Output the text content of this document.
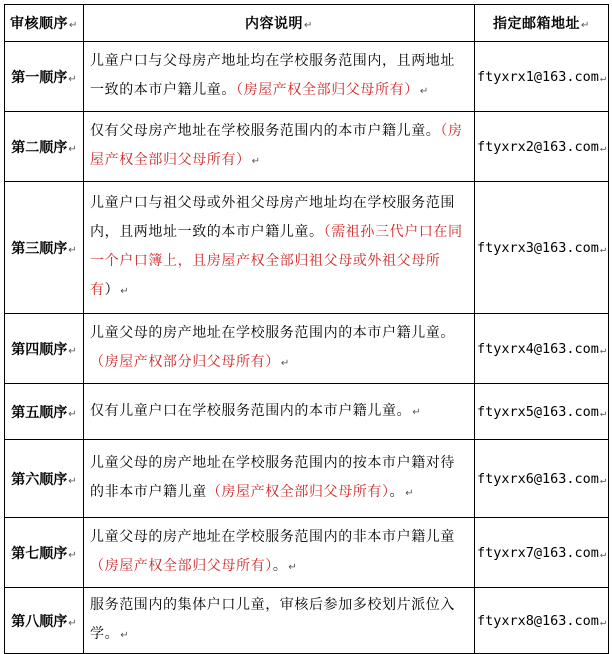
审核顺序↵	内容说明↵	指定邮箱地址↵
第一顺序↵	儿童户口与父母房产地址均在学校服务范围内，且两地址一致的本市户籍儿童。（房屋产权全部归父母所有）↵	ftyxrx1@163.com↵
第二顺序↵	仅有父母房产地址在学校服务范围内的本市户籍儿童。（房屋产权全部归父母所有）↵	ftyxrx2@163.com↵
第三顺序↵	儿童户口与祖父母或外祖父母房产地址均在学校服务范围内，且两地址一致的本市户籍儿童。（需祖孙三代户口在同一个户口簿上，且房屋产权全部归祖父母或外祖父母所有）↵	ftyxrx3@163.com↵
第四顺序↵	儿童父母的房产地址在学校服务范围内的本市户籍儿童。（房屋产权部分归父母所有）↵	ftyxrx4@163.com↵
第五顺序↵	仅有儿童户口在学校服务范围内的本市户籍儿童。↵	ftyxrx5@163.com↵
第六顺序↵	儿童父母的房产地址在学校服务范围内的按本市户籍对待的非本市户籍儿童（房屋产权全部归父母所有）。↵	ftyxrx6@163.com↵
第七顺序↵	儿童父母的房产地址在学校服务范围内的非本市户籍儿童（房屋产权全部归父母所有）。↵	ftyxrx7@163.com↵
第八顺序↵	服务范围内的集体户口儿童，审核后参加多校划片派位入学。↵	ftyxrx8@163.com↵
